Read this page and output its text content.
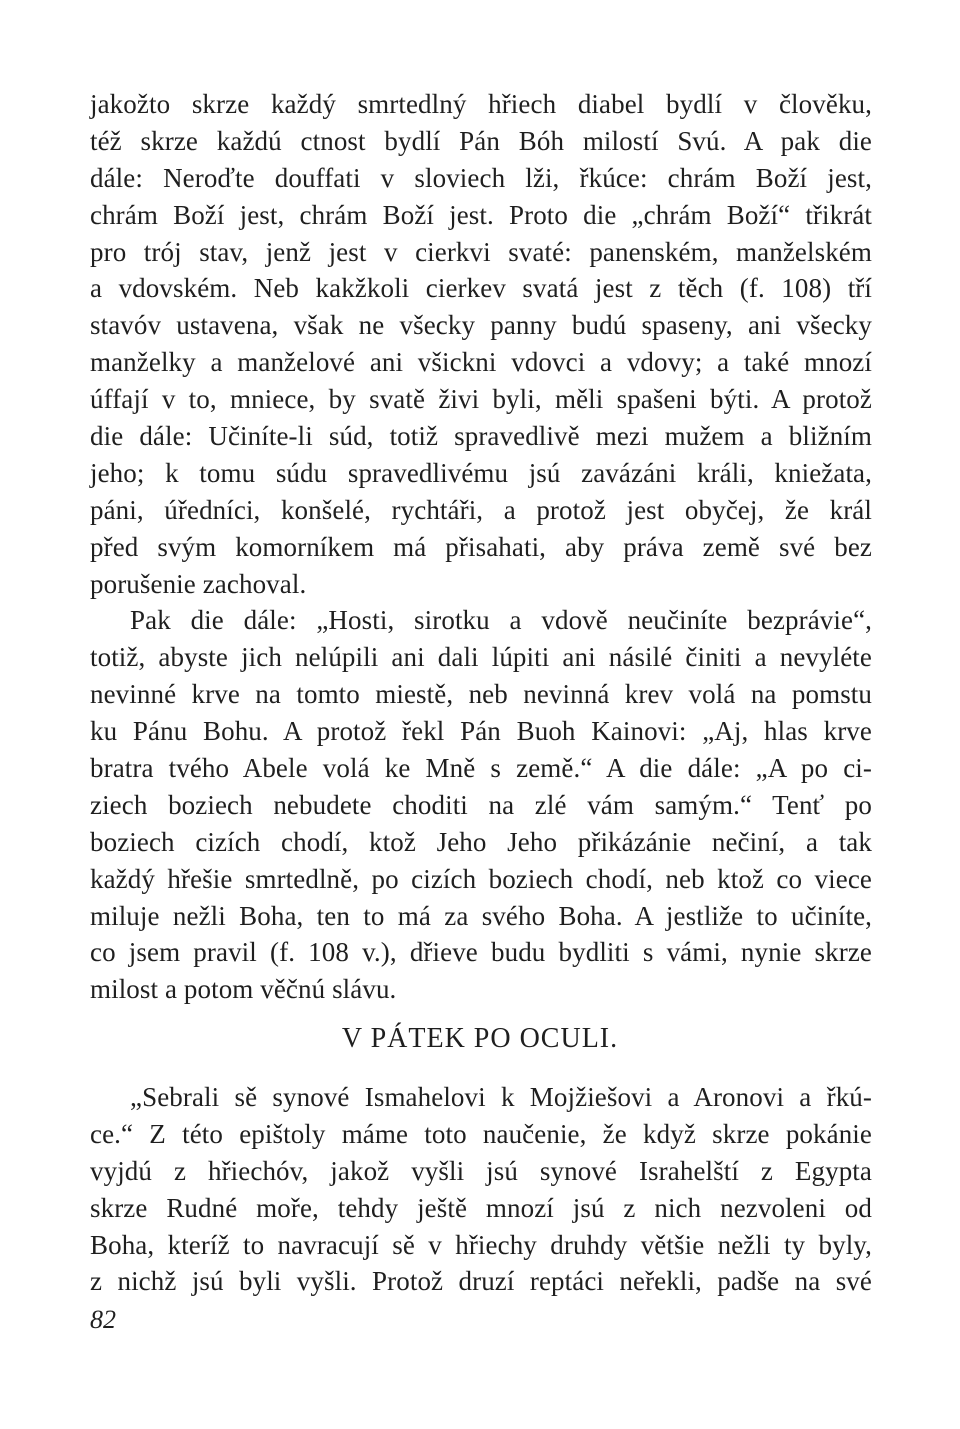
jakožto skrze každý smrtedlný hřiech diabel bydlí v člověku,
též skrze každú ctnost bydlí Pán Bóh milostí Svú. A pak die
dále: Neroďte douffati v sloviech lži, řkúce: chrám Boží jest,
chrám Boží jest, chrám Boží jest. Proto die „chrám Boží“ třikrát
pro trój stav, jenž jest v cierkvi svaté: panenském, manželském
a vdovském. Neb kakžkoli cierkev svatá jest z těch (f. 108) tří
stavóv ustavena, však ne všecky panny budú spaseny, ani všecky
manželky a manželové ani všickni vdovci a vdovy; a také mnozí
úffají v to, mniece, by svatě živi byli, měli spašeni býti. A protož
die dále: Učiníte-li súd, totiž spravedlivě mezi mužem a bližním
jeho; k tomu súdu spravedlivému jsú zavázáni králi, kniežata,
páni, úředníci, konšelé, rychtáři, a protož jest obyčej, že král
před svým komorníkem má přisahati, aby práva země své bez
porušenie zachoval.
Pak die dále: „Hosti, sirotku a vdově neučiníte bezprávie“,
totiž, abyste jich nelúpili ani dali lúpiti ani násilé činiti a nevyléte
nevinné krve na tomto miestě, neb nevinná krev volá na pomstu
ku Pánu Bohu. A protož řekl Pán Buoh Kainovi: „Aj, hlas krve
bratra tvého Abele volá ke Mně s země.“ A die dále: „A po ci-
ziech boziech nebudete choditi na zlé vám samým.“ Tenť po
boziech cizích chodí, ktož Jeho Jeho přikázánie nečiní, a tak
každý hřešie smrtedlně, po cizích boziech chodí, neb ktož co viece
miluje nežli Boha, ten to má za svého Boha. A jestliže to učiníte,
co jsem pravil (f. 108 v.), dřieve budu bydliti s vámi, nynie skrze
milost a potom věčnú slávu.
V PÁTEK PO OCULI.
„Sebrali sě synové Ismahelovi k Mojžiešovi a Aronovi a řkú-
ce.“ Z této epištoly máme toto naučenie, že když skrze pokánie
vyjdú z hřiechóv, jakož vyšli jsú synové Israhelští z Egypta
skrze Rudné moře, tehdy ještě mnozí jsú z nich nezvoleni od
Boha, kteríž to navracují sě v hřiechy druhdy většie nežli ty byly,
z nichž jsú byli vyšli. Protož druzí reptáci neřekli, padše na své
82
